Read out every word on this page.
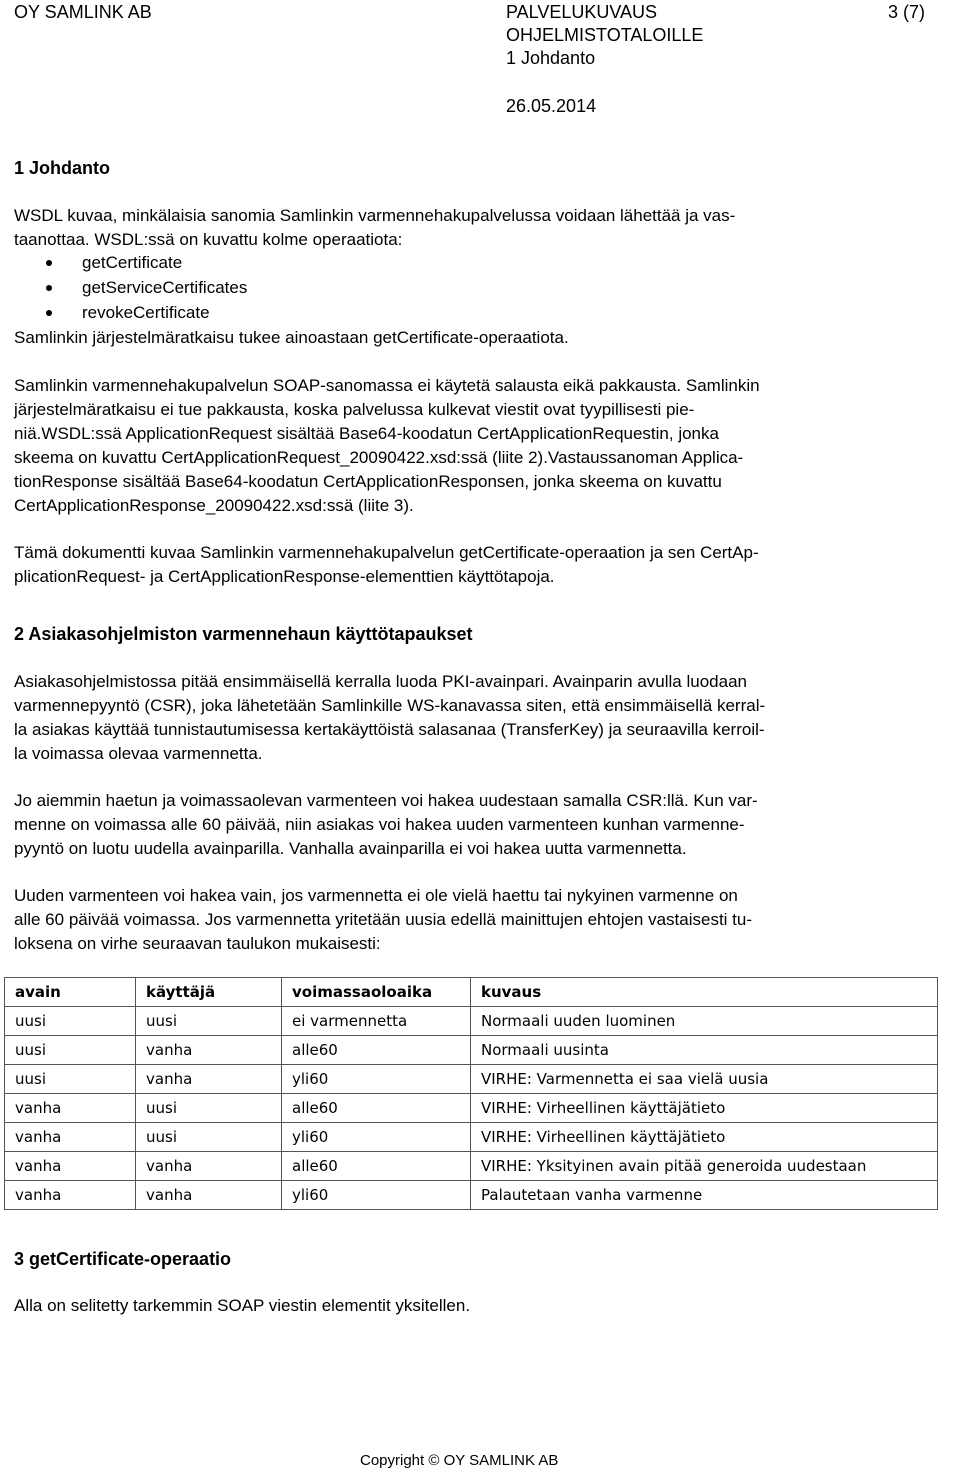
OY SAMLINK AB	PALVELUKUVAUS
OHJELMISTOTALOILLE
1 Johdanto
3 (7)
26.05.2014
1 Johdanto
WSDL kuvaa, minkälaisia sanomia Samlinkin varmennehakupalvelussa voidaan lähettää ja vas-
taanottaa. WSDL:ssä on kuvattu kolme operaatiota:
getCertificate
getServiceCertificates
revokeCertificate
Samlinkin järjestelmäratkaisu tukee ainoastaan getCertificate-operaatiota.
Samlinkin varmennehakupalvelun SOAP-sanomassa ei käytetä salausta eikä pakkausta. Samlinkin
järjestelmäratkaisu ei tue pakkausta, koska palvelussa kulkevat viestit ovat tyypillisesti pie-
niä.WSDL:ssä ApplicationRequest sisältää Base64-koodatun CertApplicationRequestin, jonka
skeema on kuvattu CertApplicationRequest_20090422.xsd:ssä (liite 2).Vastaussanoman Applica-
tionResponse sisältää Base64-koodatun CertApplicationResponsen, jonka skeema on kuvattu
CertApplicationResponse_20090422.xsd:ssä (liite 3).
Tämä dokumentti kuvaa Samlinkin varmennehakupalvelun getCertificate-operaation ja sen CertAp-
plicationRequest- ja CertApplicationResponse-elementtien käyttötapoja.
2 Asiakasohjelmiston varmennehaun käyttötapaukset
Asiakasohjelmistossa pitää ensimmäisellä kerralla luoda PKI-avainpari. Avainparin avulla luodaan
varmennepyyntö (CSR), joka lähetetään Samlinkille WS-kanavassa siten, että ensimmäisellä kerral-
la asiakas käyttää tunnistautumisessa kertakäyttöistä salasanaa (TransferKey) ja seuraavilla kerroil-
la voimassa olevaa varmennetta.
Jo aiemmin haetun ja voimassaolevan varmenteen voi hakea uudestaan samalla CSR:llä. Kun var-
menne on voimassa alle 60 päivää, niin asiakas voi hakea uuden varmenteen kunhan varmenne-
pyyntö on luotu uudella avainparilla. Vanhalla avainparilla ei voi hakea uutta varmennetta.
Uuden varmenteen voi hakea vain, jos varmennetta ei ole vielä haettu tai nykyinen varmenne on
alle 60 päivää voimassa. Jos varmennetta yritetään uusia edellä mainittujen ehtojen vastaisesti tu-
loksena on virhe seuraavan taulukon mukaisesti:
avain	käyttäjä	voimassaoloaika	kuvaus
uusi	uusi	ei varmennetta	Normaali uuden luominen
uusi	vanha	alle60	Normaali uusinta
uusi	vanha	yli60	VIRHE: Varmennetta ei saa vielä uusia
vanha	uusi	alle60	VIRHE: Virheellinen käyttäjätieto
vanha	uusi	yli60	VIRHE: Virheellinen käyttäjätieto
vanha	vanha	alle60	VIRHE: Yksityinen avain pitää generoida uudestaan
vanha	vanha	yli60	Palautetaan vanha varmenne
3 getCertificate-operaatio
Alla on selitetty tarkemmin SOAP viestin elementit yksitellen.
Copyright © OY SAMLINK AB
